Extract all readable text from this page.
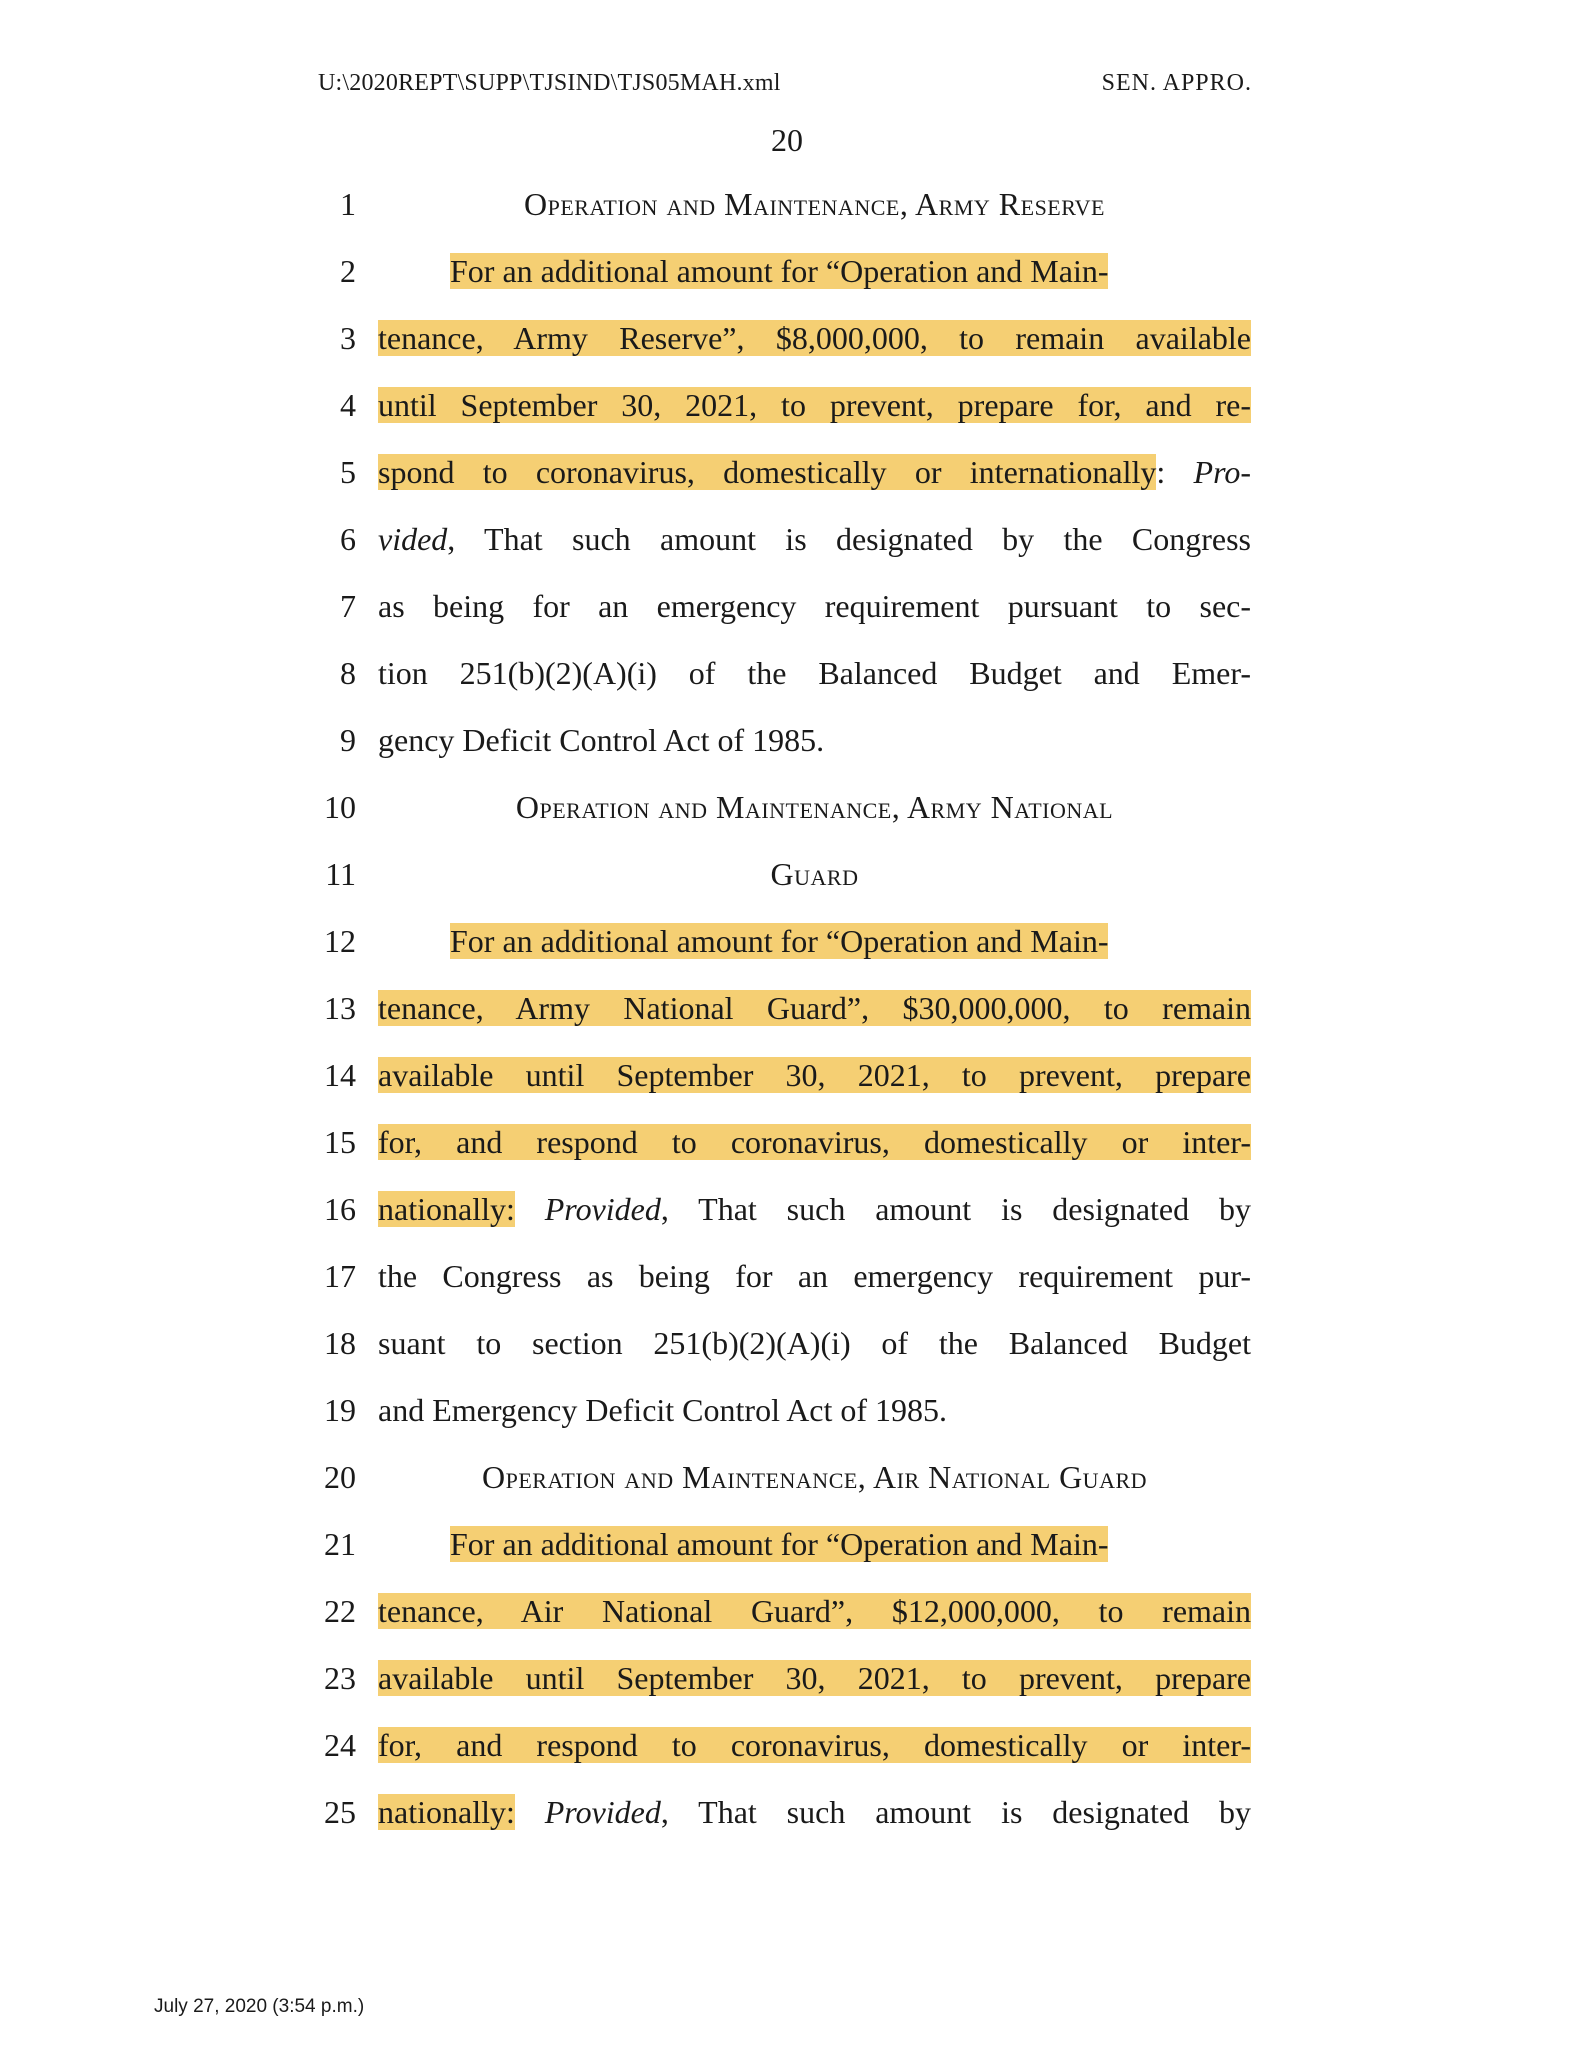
U:\2020REPT\SUPP\TJSIND\TJS05MAH.xml	SEN. APPRO.
20
1	Operation and Maintenance, Army Reserve
2	For an additional amount for “Operation and Main-
3 tenance, Army Reserve”, $8,000,000, to remain available
4 until September 30, 2021, to prevent, prepare for, and re-
5 spond to coronavirus, domestically or internationally: Pro-
6 vided, That such amount is designated by the Congress
7 as being for an emergency requirement pursuant to sec-
8 tion 251(b)(2)(A)(i) of the Balanced Budget and Emer-
9 gency Deficit Control Act of 1985.
10	Operation and Maintenance, Army National
11	Guard
12	For an additional amount for “Operation and Main-
13 tenance, Army National Guard”, $30,000,000, to remain
14 available until September 30, 2021, to prevent, prepare
15 for, and respond to coronavirus, domestically or inter-
16 nationally: Provided, That such amount is designated by
17 the Congress as being for an emergency requirement pur-
18 suant to section 251(b)(2)(A)(i) of the Balanced Budget
19 and Emergency Deficit Control Act of 1985.
20	Operation and Maintenance, Air National Guard
21	For an additional amount for “Operation and Main-
22 tenance, Air National Guard”, $12,000,000, to remain
23 available until September 30, 2021, to prevent, prepare
24 for, and respond to coronavirus, domestically or inter-
25 nationally: Provided, That such amount is designated by
July 27, 2020 (3:54 p.m.)
